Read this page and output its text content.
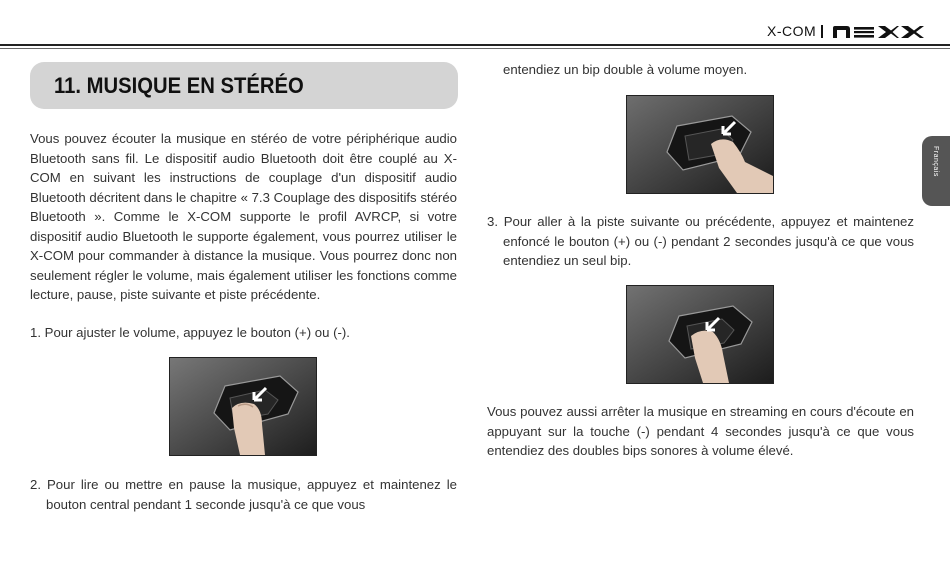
X-COM
Français
11. MUSIQUE EN STÉRÉO
Vous pouvez écouter la musique en stéréo de votre périphérique audio Bluetooth sans fil. Le dispositif audio Bluetooth doit être couplé au X-COM en suivant les instructions de couplage d'un dispositif audio Bluetooth décritent dans le chapitre « 7.3 Couplage des dispositifs stéréo Bluetooth ». Comme le X-COM supporte le profil AVRCP, si votre dispositif audio Bluetooth le supporte également, vous pourrez utiliser le X-COM pour commander à distance la musique. Vous pourrez donc non seulement régler le volume, mais également utiliser les fonctions comme lecture, pause, piste suivante et piste précédente.
1. Pour ajuster le volume, appuyez le bouton (+) ou (-).
2. Pour lire ou mettre en pause la musique, appuyez et maintenez le bouton central pendant 1 seconde jusqu'à ce que vous
entendiez un bip double à volume moyen.
3. Pour aller à la piste suivante ou précédente, appuyez et maintenez enfoncé le bouton (+) ou (-) pendant 2 secondes jusqu'à ce que vous entendiez un seul bip.
Vous pouvez aussi arrêter la musique en streaming en cours d'écoute en appuyant sur la touche (-) pendant 4 secondes jusqu'à ce que vous entendiez des doubles bips sonores à volume élevé.
